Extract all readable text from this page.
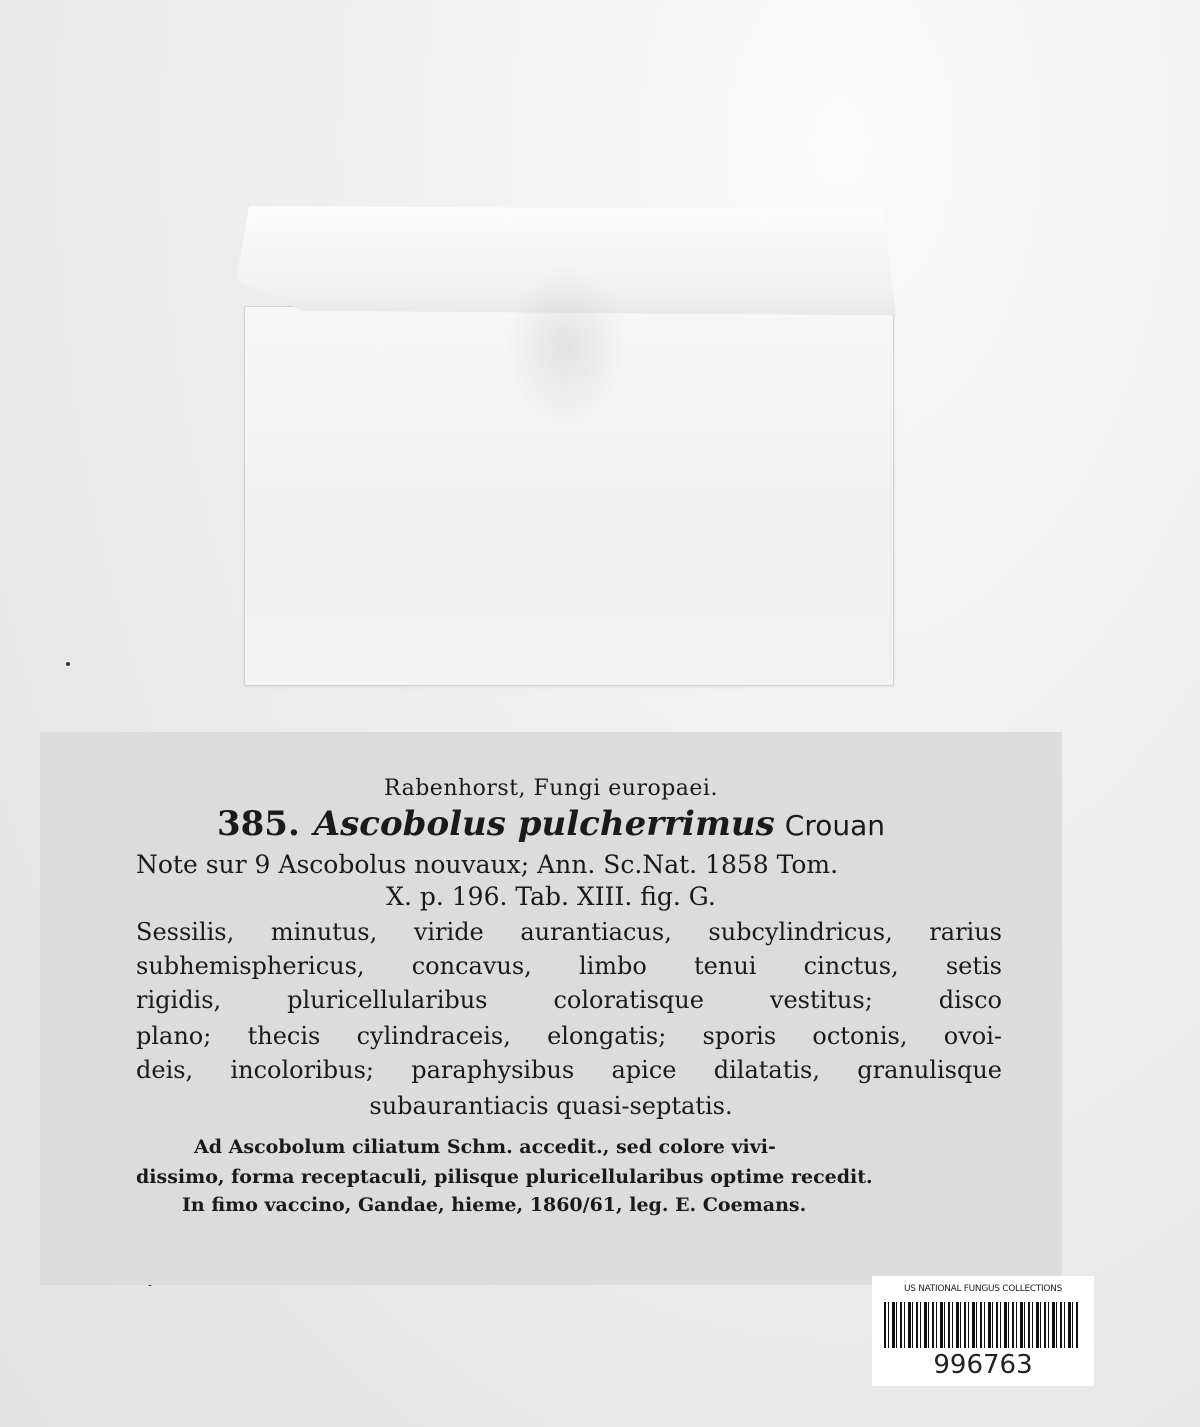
Rabenhorst, Fungi europaei.
385. Ascobolus pulcherrimus Crouan
Note sur 9 Ascobolus nouvaux; Ann. Sc.Nat. 1858 Tom.
X. p. 196. Tab. XIII. fig. G.
Sessilis, minutus, viride aurantiacus, subcylindricus, rarius
subhemisphericus, concavus, limbo tenui cinctus, setis
rigidis, pluricellularibus coloratisque vestitus; disco
plano; thecis cylindraceis, elongatis; sporis octonis, ovoi-
deis, incoloribus; paraphysibus apice dilatatis, granulisque
subaurantiacis quasi-septatis.
Ad Ascobolum ciliatum Schm. accedit., sed colore vivi-
dissimo, forma receptaculi, pilisque pluricellularibus optime recedit.
In fimo vaccino, Gandae, hieme, 1860/61, leg. E. Coemans.
US NATIONAL FUNGUS COLLECTIONS
996763
